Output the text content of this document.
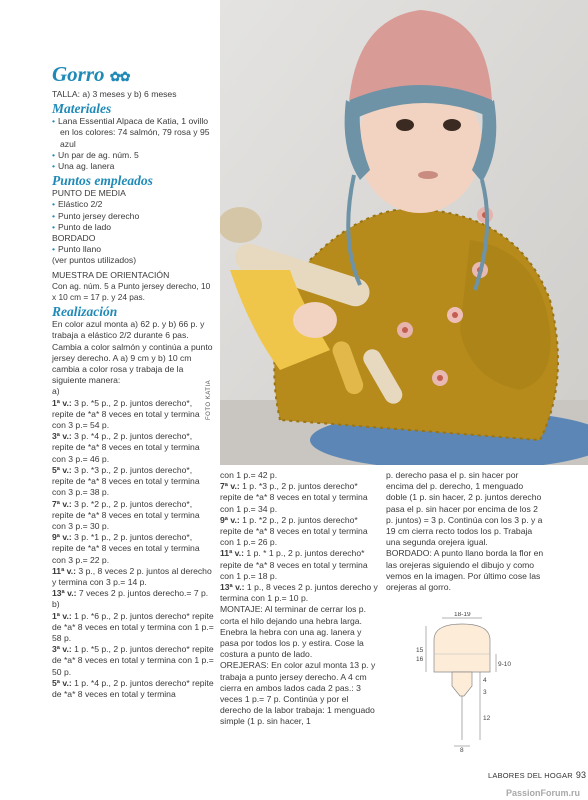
FOTO KATIA
Gorro ✿✿
TALLA: a) 3 meses y b) 6 meses
Materiales
• Lana Essential Alpaca de Katia, 1 ovillo en los colores: 74 salmón, 79 rosa y 95 azul
• Un par de ag. núm. 5
• Una ag. lanera
Puntos empleados
PUNTO DE MEDIA
• Elástico 2/2
• Punto jersey derecho
• Punto de lado
BORDADO
• Punto llano
(ver puntos utilizados)
MUESTRA DE ORIENTACIÓN
Con ag. núm. 5 a Punto jersey derecho, 10 x 10 cm = 17 p. y 24 pas.
Realización
En color azul monta a) 62 p. y b) 66 p. y trabaja a elástico 2/2 durante 6 pas. Cambia a color salmón y continúa a punto jersey derecho. A a) 9 cm y b) 10 cm cambia a color rosa y trabaja de la siguiente manera:
a)
1ª v.: 3 p. *5 p., 2 p. juntos derecho*, repite de *a* 8 veces en total y termina con 3 p.= 54 p.
3ª v.: 3 p. *4 p., 2 p. juntos derecho*, repite de *a* 8 veces en total y termina con 3 p.= 46 p.
5ª v.: 3 p. *3 p., 2 p. juntos derecho*, repite de *a* 8 veces en total y termina con 3 p.= 38 p.
7ª v.: 3 p. *2 p., 2 p. juntos derecho*, repite de *a* 8 veces en total y termina con 3 p.= 30 p.
9ª v.: 3 p. *1 p., 2 p. juntos derecho*, repite de *a* 8 veces en total y termina con 3 p.= 22 p.
11ª v.: 3 p., 8 veces 2 p. juntos al derecho y termina con 3 p.= 14 p.
13ª v.: 7 veces 2 p. juntos derecho.= 7 p.
b)
1ª v.: 1 p. *6 p., 2 p. juntos derecho* repite de *a* 8 veces en total y termina con 1 p.= 58 p.
3ª v.: 1 p. *5 p., 2 p. juntos derecho* repite de *a* 8 veces en total y termina con 1 p.= 50 p.
5ª v.: 1 p. *4 p., 2 p. juntos derecho* repite de *a* 8 veces en total y termina
con 1 p.= 42 p.
7ª v.: 1 p. *3 p., 2 p. juntos derecho* repite de *a* 8 veces en total y termina con 1 p.= 34 p.
9ª v.: 1 p. *2 p., 2 p. juntos derecho* repite de *a* 8 veces en total y termina con 1 p.= 26 p.
11ª v.: 1 p. * 1 p., 2 p. juntos derecho* repite de *a* 8 veces en total y termina con 1 p.= 18 p.
13ª v.: 1 p., 8 veces 2 p. juntos derecho y termina con 1 p.= 10 p.
MONTAJE: Al terminar de cerrar los p. corta el hilo dejando una hebra larga. Enebra la hebra con una ag. lanera y pasa por todos los p. y estira. Cose la costura a punto de lado.
OREJERAS: En color azul monta 13 p. y trabaja a punto jersey derecho. A 4 cm cierra en ambos lados cada 2 pas.: 3 veces 1 p.= 7 p. Continúa y por el derecho de la labor trabaja: 1 menguado simple (1 p. sin hacer, 1
p. derecho pasa el p. sin hacer por encima del p. derecho, 1 menguado doble (1 p. sin hacer, 2 p. juntos derecho pasa el p. sin hacer por encima de los 2 p. juntos) = 3 p. Continúa con los 3 p. y a 19 cm cierra recto todos los p. Trabaja una segunda orejera igual.
BORDADO: A punto llano borda la flor en las orejeras siguiendo el dibujo y como vemos en la imagen. Por último cose las orejeras al gorro.
18-19
15
16
9-10
4
3
12
8
LABORES DEL HOGAR 93
PassionForum.ru
